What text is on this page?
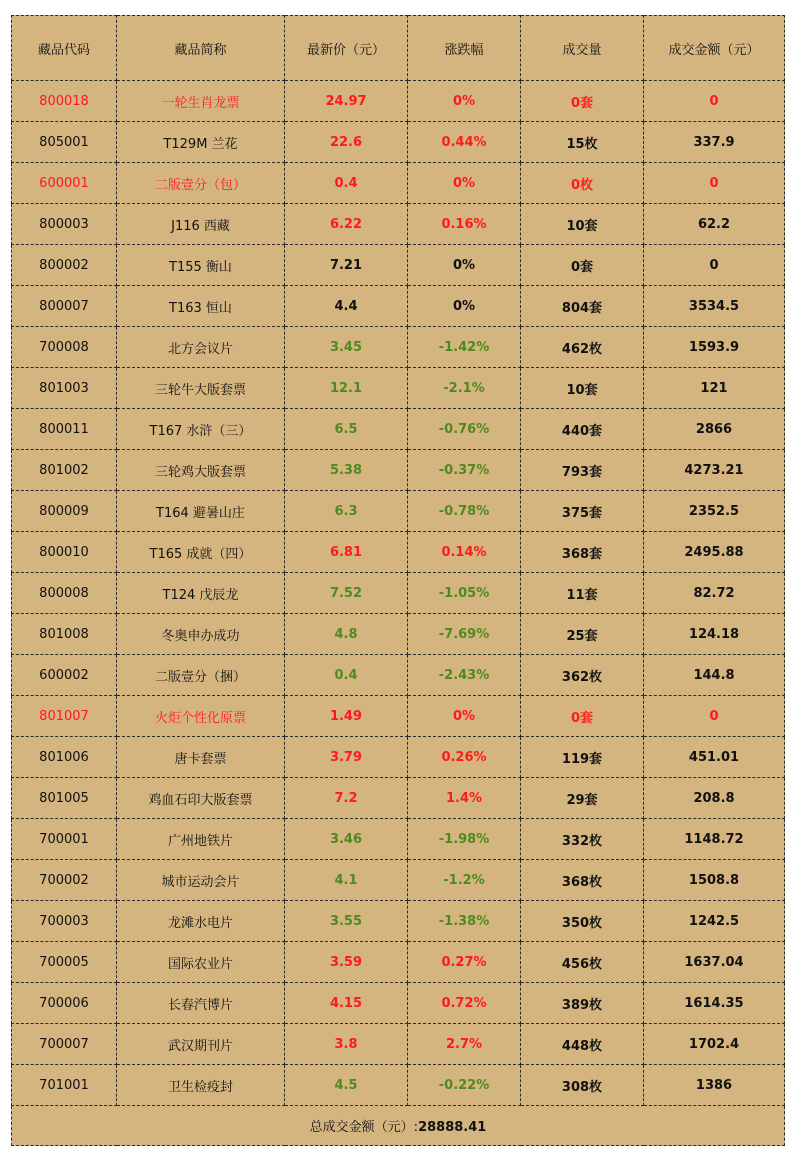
藏品代码	藏品简称	最新价（元）	涨跌幅	成交量	成交金额（元）
800018	一轮生肖龙票	24.97	0%	0套	0
805001	T129M 兰花	22.6	0.44%	15枚	337.9
600001	二版壹分（包）	0.4	0%	0枚	0
800003	J116 西藏	6.22	0.16%	10套	62.2
800002	T155 衡山	7.21	0%	0套	0
800007	T163 恒山	4.4	0%	804套	3534.5
700008	北方会议片	3.45	-1.42%	462枚	1593.9
801003	三轮牛大版套票	12.1	-2.1%	10套	121
800011	T167 水浒（三）	6.5	-0.76%	440套	2866
801002	三轮鸡大版套票	5.38	-0.37%	793套	4273.21
800009	T164 避暑山庄	6.3	-0.78%	375套	2352.5
800010	T165 成就（四）	6.81	0.14%	368套	2495.88
800008	T124 戊辰龙	7.52	-1.05%	11套	82.72
801008	冬奥申办成功	4.8	-7.69%	25套	124.18
600002	二版壹分（捆）	0.4	-2.43%	362枚	144.8
801007	火炬个性化原票	1.49	0%	0套	0
801006	唐卡套票	3.79	0.26%	119套	451.01
801005	鸡血石印大版套票	7.2	1.4%	29套	208.8
700001	广州地铁片	3.46	-1.98%	332枚	1148.72
700002	城市运动会片	4.1	-1.2%	368枚	1508.8
700003	龙滩水电片	3.55	-1.38%	350枚	1242.5
700005	国际农业片	3.59	0.27%	456枚	1637.04
700006	长春汽博片	4.15	0.72%	389枚	1614.35
700007	武汉期刊片	3.8	2.7%	448枚	1702.4
701001	卫生检疫封	4.5	-0.22%	308枚	1386
总成交金额（元）:28888.41					
